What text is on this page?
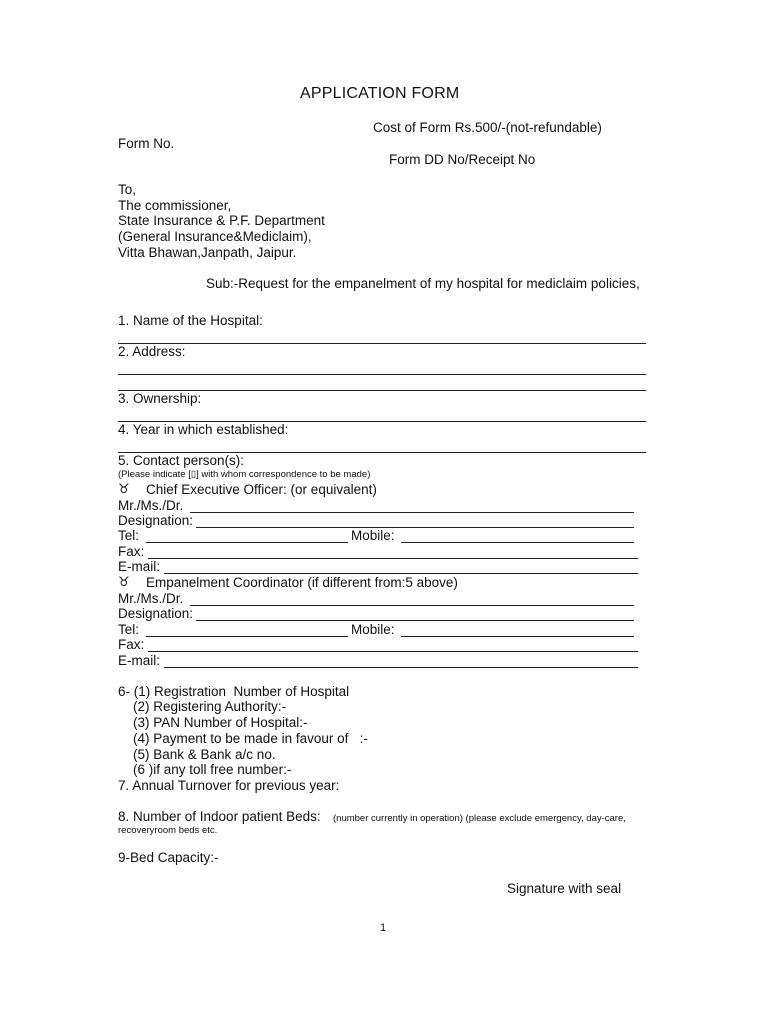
APPLICATION FORM
Cost of Form Rs.500/-(not-refundable)
Form No.
Form DD No/Receipt No
To,
The commissioner,
State Insurance & P.F. Department
(General Insurance&Mediclaim),
Vitta Bhawan,Janpath, Jaipur.
Sub:-Request for the empanelment of my hospital for mediclaim policies,
1. Name of the Hospital:
2. Address:
3. Ownership:
4. Year in which established:
5. Contact person(s):
(Please indicate [▯] with whom correspondence to be made)
♉ Chief Executive Officer: (or equivalent)
Mr./Ms./Dr.
Designation:
Tel:	Mobile:
Fax:
E-mail:
♉ Empanelment Coordinator (if different from:5 above)
Mr./Ms./Dr.
Designation:
Tel:	Mobile:
Fax:
E-mail:
6- (1) Registration  Number of Hospital
(2) Registering Authority:-
(3) PAN Number of Hospital:-
(4) Payment to be made in favour of   :-
(5) Bank & Bank a/c no.
(6 )if any toll free number:-
7. Annual Turnover for previous year:
8. Number of Indoor patient Beds: (number currently in operation) (please exclude emergency, day-care,
recoveryroom beds etc.
9-Bed Capacity:-
Signature with seal
1
